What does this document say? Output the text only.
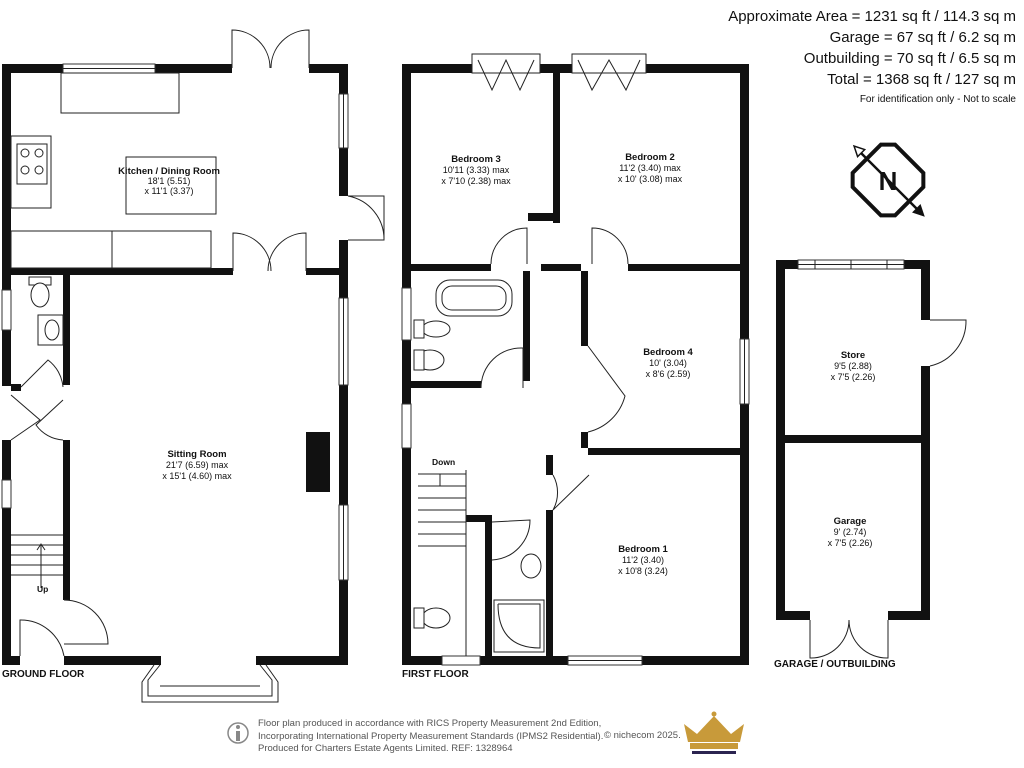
Up
Kitchen / Dining Room
18'1 (5.51)
x 11'1 (3.37)
Sitting Room
21'7 (6.59) max
x 15'1 (4.60) max
GROUND FLOOR
Down
Bedroom 3
10'11 (3.33) max
x 7'10 (2.38) max
Bedroom 2
11'2 (3.40) max
x 10' (3.08) max
Bedroom 4
10' (3.04)
x 8'6 (2.59)
Bedroom 1
11'2 (3.40)
x 10'8 (3.24)
FIRST FLOOR
Store
9'5 (2.88)
x 7'5 (2.26)
Garage
9' (2.74)
x 7'5 (2.26)
GARAGE / OUTBUILDING
N
Approximate Area = 1231 sq ft / 114.3 sq m
Garage = 67 sq ft / 6.2 sq m
Outbuilding = 70 sq ft / 6.5 sq m
Total = 1368 sq ft / 127 sq m
For identification only - Not to scale
Floor plan produced in accordance with RICS Property Measurement 2nd Edition,
Incorporating International Property Measurement Standards (IPMS2 Residential).
Produced for Charters Estate Agents Limited. REF: 1328964
© nichecom 2025.
